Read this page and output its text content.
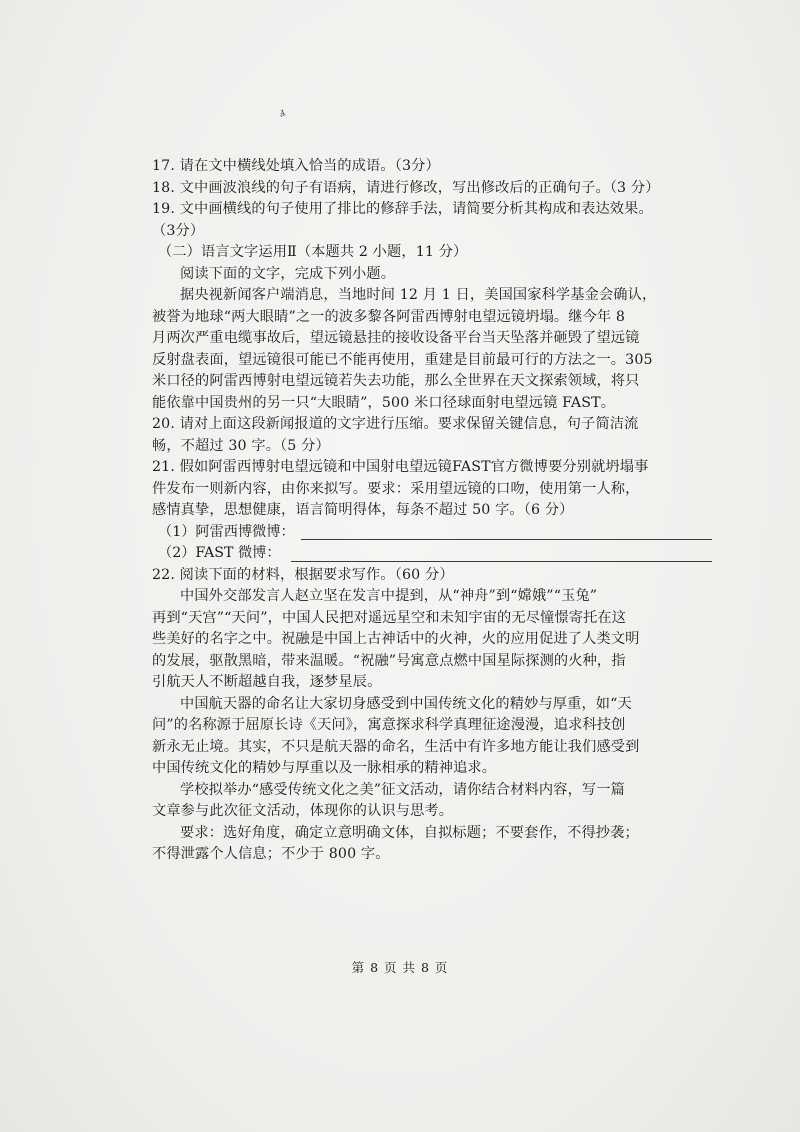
ⅎ
17. 请在文中横线处填入恰当的成语。（3分）
18. 文中画波浪线的句子有语病，请进行修改，写出修改后的正确句子。（3 分）
19. 文中画横线的句子使用了排比的修辞手法，请简要分析其构成和表达效果。
（3分）
（二）语言文字运用Ⅱ（本题共 2 小题，11 分）
阅读下面的文字，完成下列小题。
据央视新闻客户端消息，当地时间 12 月 1 日，美国国家科学基金会确认，
被誉为地球“两大眼睛”之一的波多黎各阿雷西博射电望远镜坍塌。继今年 8
月两次严重电缆事故后，望远镜悬挂的接收设备平台当天坠落并砸毁了望远镜
反射盘表面，望远镜很可能已不能再使用，重建是目前最可行的方法之一。305
米口径的阿雷西博射电望远镜若失去功能，那么全世界在天文探索领域，将只
能依靠中国贵州的另一只“大眼睛”，500 米口径球面射电望远镜 FAST。
20. 请对上面这段新闻报道的文字进行压缩。要求保留关键信息，句子简洁流
畅，不超过 30 字。（5 分）
21. 假如阿雷西博射电望远镜和中国射电望远镜FAST官方微博要分别就坍塌事
件发布一则新内容，由你来拟写。要求：采用望远镜的口吻，使用第一人称，
感情真挚，思想健康，语言简明得体，每条不超过 50 字。（6 分）
（1）阿雷西博微博：
（2）FAST 微博：
22. 阅读下面的材料，根据要求写作。（60 分）
中国外交部发言人赵立坚在发言中提到，从“神舟”到“嫦娥”“玉兔”
再到“天宫”“天问”，中国人民把对遥远星空和未知宇宙的无尽憧憬寄托在这
些美好的名字之中。祝融是中国上古神话中的火神，火的应用促进了人类文明
的发展，驱散黑暗，带来温暖。“祝融”号寓意点燃中国星际探测的火种，指
引航天人不断超越自我，逐梦星辰。
中国航天器的命名让大家切身感受到中国传统文化的精妙与厚重，如“天
问”的名称源于屈原长诗《天问》，寓意探求科学真理征途漫漫，追求科技创
新永无止境。其实，不只是航天器的命名，生活中有许多地方能让我们感受到
中国传统文化的精妙与厚重以及一脉相承的精神追求。
学校拟举办“感受传统文化之美”征文活动，请你结合材料内容，写一篇
文章参与此次征文活动，体现你的认识与思考。
要求：选好角度，确定立意明确文体，自拟标题；不要套作，不得抄袭；
不得泄露个人信息；不少于 800 字。
第 8 页 共 8 页
